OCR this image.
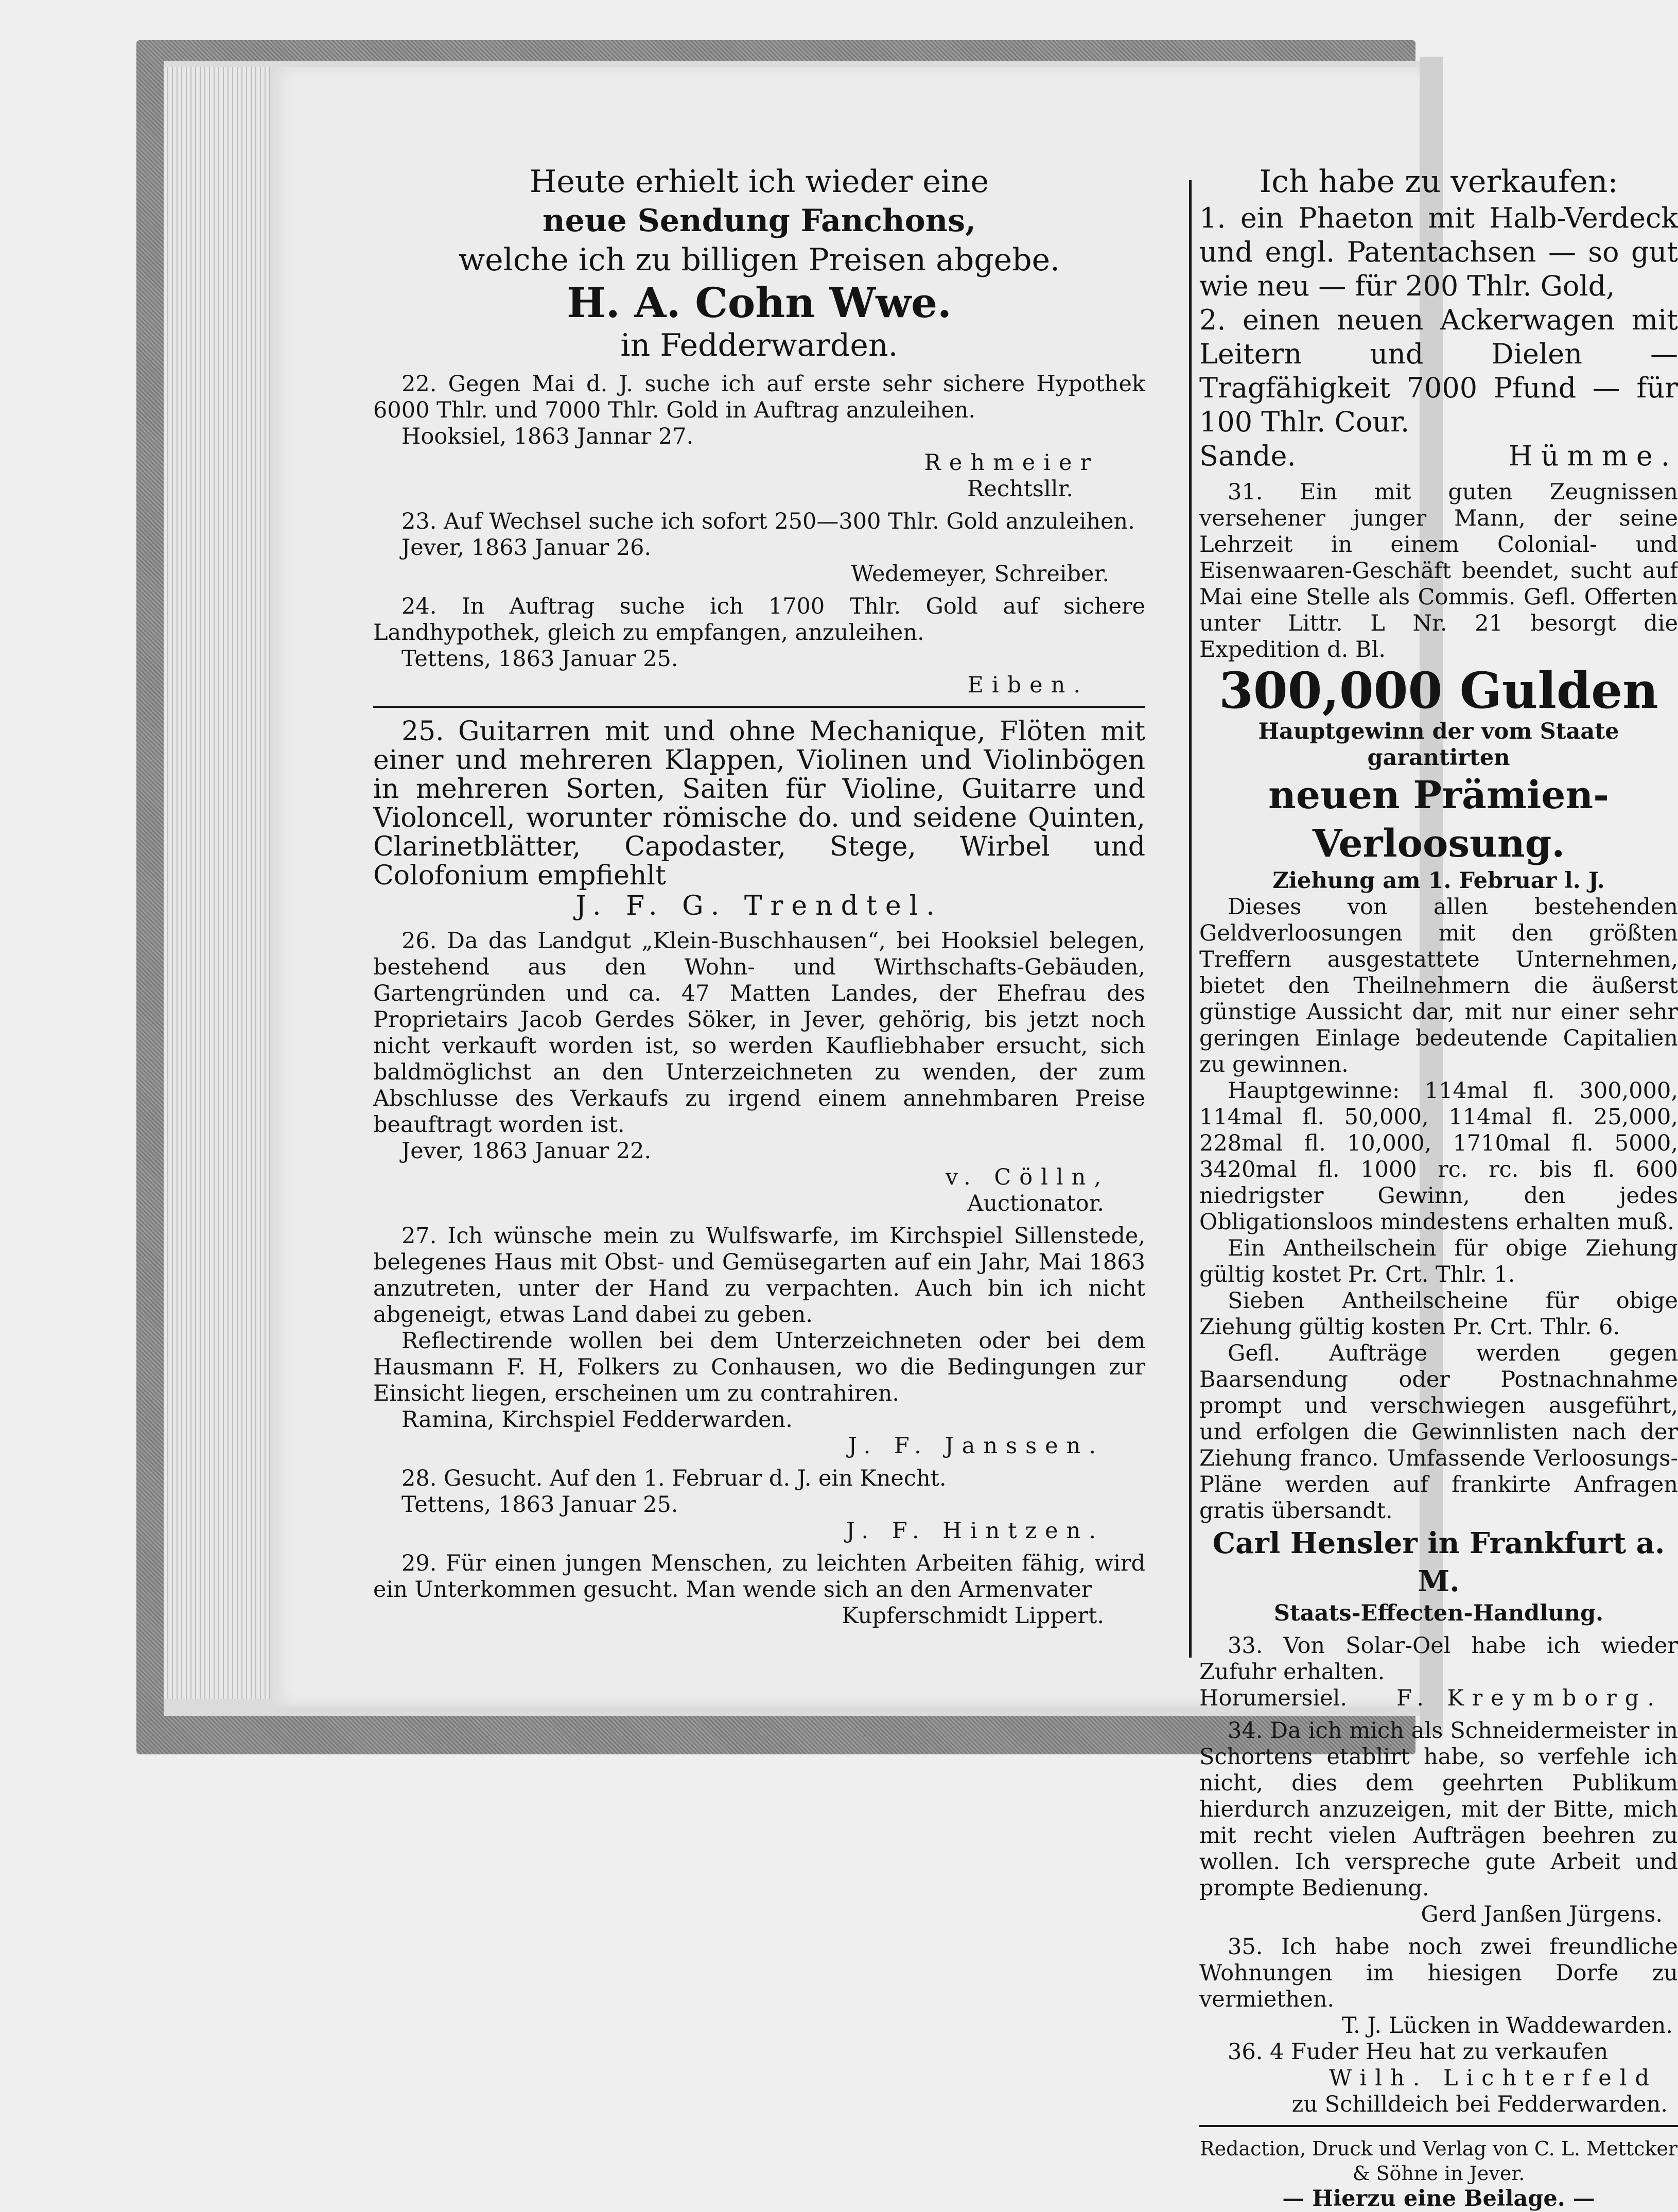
Heute erhielt ich wieder eine

neue Sendung Fanchons,

welche ich zu billigen Preisen abgebe.

H. A. Cohn Wwe.

in Fedderwarden.

22. Gegen Mai d. J. suche ich auf erste sehr sichere Hypothek 6000 Thlr. und 7000 Thlr. Gold in Auftrag anzuleihen.

Hooksiel, 1863 Jannar 27.

Rehmeier

Rechtsllr.

23. Auf Wechsel suche ich sofort 250—300 Thlr. Gold anzuleihen.

Jever, 1863 Januar 26.

Wedemeyer, Schreiber.

24. In Auftrag suche ich 1700 Thlr. Gold auf sichere Landhypothek, gleich zu empfangen, anzuleihen.

Tettens, 1863 Januar 25.

Eiben.

25. Guitarren mit und ohne Mechanique, Flöten mit einer und mehreren Klappen, Violinen und Violinbögen in mehreren Sorten, Saiten für Violine, Guitarre und Violoncell, worunter römische do. und seidene Quinten, Clarinetblätter, Capodaster, Stege, Wirbel und Colofonium empfiehlt

J. F. G. Trendtel.

26. Da das Landgut „Klein-Buschhausen“, bei Hooksiel belegen, bestehend aus den Wohn- und Wirthschafts-Gebäuden, Gartengründen und ca. 47 Matten Landes, der Ehefrau des Proprietairs Jacob Gerdes Söker, in Jever, gehörig, bis jetzt noch nicht verkauft worden ist, so werden Kaufliebhaber ersucht, sich baldmöglichst an den Unterzeichneten zu wenden, der zum Abschlusse des Verkaufs zu irgend einem annehmbaren Preise beauftragt worden ist.

Jever, 1863 Januar 22.

v. Cölln,

Auctionator.

27. Ich wünsche mein zu Wulfswarfe, im Kirchspiel Sillenstede, belegenes Haus mit Obst- und Gemüsegarten auf ein Jahr, Mai 1863 anzutreten, unter der Hand zu verpachten. Auch bin ich nicht abgeneigt, etwas Land dabei zu geben.

Reflectirende wollen bei dem Unterzeichneten oder bei dem Hausmann F. H, Folkers zu Conhausen, wo die Bedingungen zur Einsicht liegen, erscheinen um zu contrahiren.

Ramina, Kirchspiel Fedderwarden.

J. F. Janssen.

28. Gesucht. Auf den 1. Februar d. J. ein Knecht.

Tettens, 1863 Januar 25.

J. F. Hintzen.

29. Für einen jungen Menschen, zu leichten Arbeiten fähig, wird ein Unterkommen gesucht. Man wende sich an den Armenvater

Kupferschmidt Lippert.

Ich habe zu verkaufen:

1. ein Phaeton mit Halb-Verdeck und engl. Patentachsen — so gut wie neu — für 200 Thlr. Gold,

2. einen neuen Ackerwagen mit Leitern und Dielen — Tragfähigkeit 7000 Pfund — für 100 Thlr. Cour.

Sande.	Hümme.

31. Ein mit guten Zeugnissen versehener junger Mann, der seine Lehrzeit in einem Colonial- und Eisenwaaren-Geschäft beendet, sucht auf Mai eine Stelle als Commis. Gefl. Offerten unter Littr. L Nr. 21 besorgt die Expedition d. Bl.

300,000 Gulden

Hauptgewinn der vom Staate garantirten

neuen Prämien-Verloosung.

Ziehung am 1. Februar l. J.

Dieses von allen bestehenden Geldverloosungen mit den größten Treffern ausgestattete Unternehmen, bietet den Theilnehmern die äußerst günstige Aussicht dar, mit nur einer sehr geringen Einlage bedeutende Capitalien zu gewinnen.

Hauptgewinne: 114mal fl. 300,000, 114mal fl. 50,000, 114mal fl. 25,000, 228mal fl. 10,000, 1710mal fl. 5000, 3420mal fl. 1000 rc. rc. bis fl. 600 niedrigster Gewinn, den jedes Obligationsloos mindestens erhalten muß.

Ein Antheilschein für obige Ziehung gültig kostet Pr. Crt. Thlr. 1.

Sieben Antheilscheine für obige Ziehung gültig kosten Pr. Crt. Thlr. 6.

Gefl. Aufträge werden gegen Baarsendung oder Postnachnahme prompt und verschwiegen ausgeführt, und erfolgen die Gewinnlisten nach der Ziehung franco. Umfassende Verloosungs-Pläne werden auf frankirte Anfragen gratis übersandt.

Carl Hensler in Frankfurt a. M.

Staats-Effecten-Handlung.

33. Von Solar-Oel habe ich wieder Zufuhr erhalten.

Horumersiel. F. Kreymborg.

34. Da ich mich als Schneidermeister in Schortens etablirt habe, so verfehle ich nicht, dies dem geehrten Publikum hierdurch anzuzeigen, mit der Bitte, mich mit recht vielen Aufträgen beehren zu wollen. Ich verspreche gute Arbeit und prompte Bedienung.

Gerd Janßen Jürgens.

35. Ich habe noch zwei freundliche Wohnungen im hiesigen Dorfe zu vermiethen.

T. J. Lücken in Waddewarden.

36. 4 Fuder Heu hat zu verkaufen

Wilh. Lichterfeld

zu Schilldeich bei Fedderwarden.

Redaction, Druck und Verlag von C. L. Mettcker & Söhne in Jever.

— Hierzu eine Beilage. —
